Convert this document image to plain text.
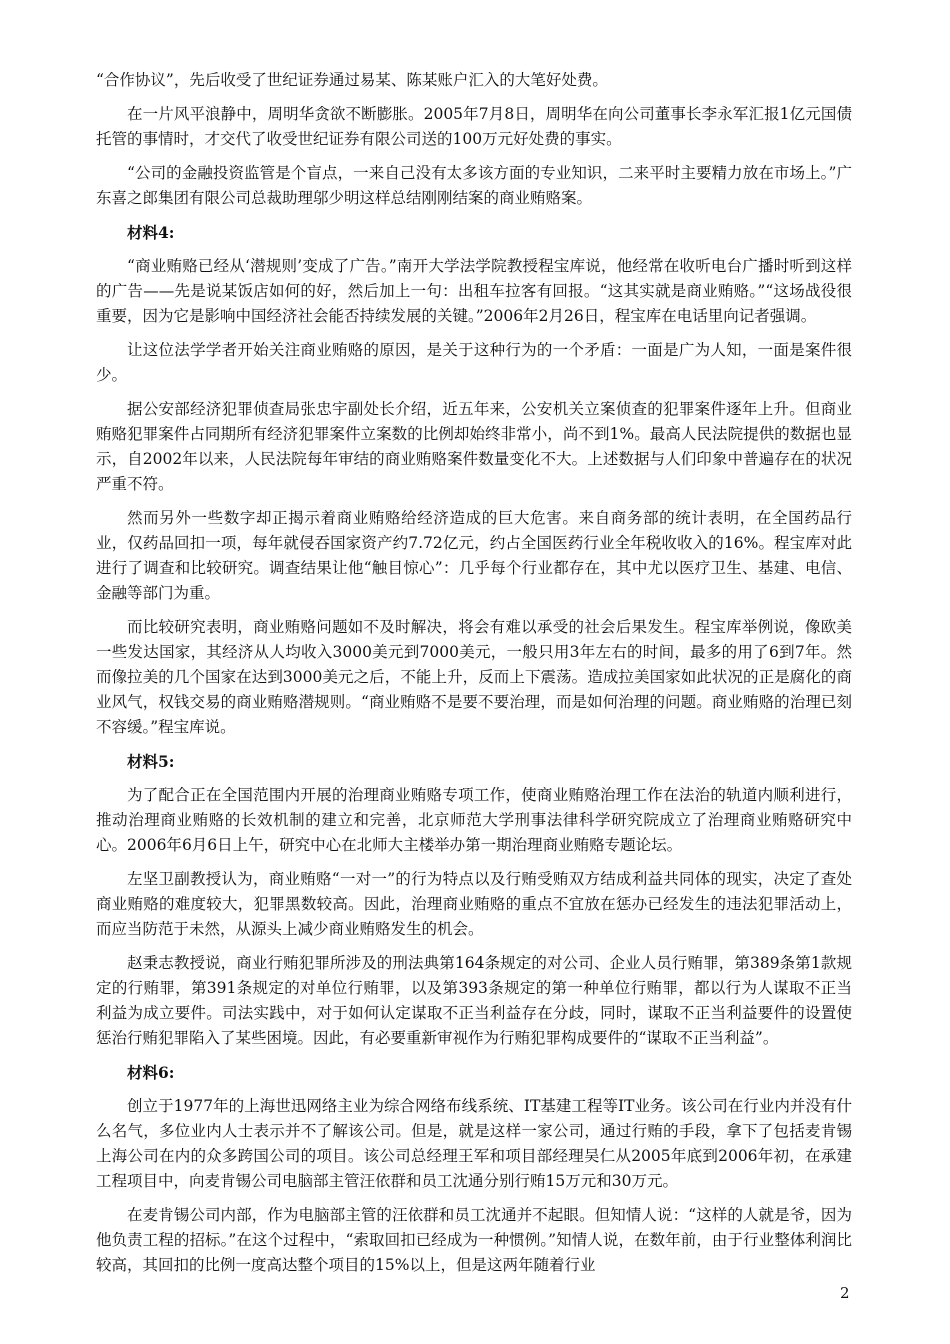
“合作协议”，先后收受了世纪证券通过易某、陈某账户汇入的大笔好处费。

在一片风平浪静中，周明华贪欲不断膨胀。2005年7月8日，周明华在向公司董事长李永军汇报1亿元国债托管的事情时，才交代了收受世纪证券有限公司送的100万元好处费的事实。

“公司的金融投资监管是个盲点，一来自己没有太多该方面的专业知识，二来平时主要精力放在市场上。”广东喜之郎集团有限公司总裁助理邬少明这样总结刚刚结案的商业贿赂案。

材料4:

“商业贿赂已经从‘潜规则’变成了广告。”南开大学法学院教授程宝库说，他经常在收听电台广播时听到这样的广告——先是说某饭店如何的好，然后加上一句：出租车拉客有回报。“这其实就是商业贿赂。”“这场战役很重要，因为它是影响中国经济社会能否持续发展的关键。”2006年2月26日，程宝库在电话里向记者强调。

让这位法学学者开始关注商业贿赂的原因，是关于这种行为的一个矛盾：一面是广为人知，一面是案件很少。

据公安部经济犯罪侦查局张忠宇副处长介绍，近五年来，公安机关立案侦查的犯罪案件逐年上升。但商业贿赂犯罪案件占同期所有经济犯罪案件立案数的比例却始终非常小，尚不到1%。最高人民法院提供的数据也显示，自2002年以来，人民法院每年审结的商业贿赂案件数量变化不大。上述数据与人们印象中普遍存在的状况严重不符。

然而另外一些数字却正揭示着商业贿赂给经济造成的巨大危害。来自商务部的统计表明，在全国药品行业，仅药品回扣一项，每年就侵吞国家资产约7.72亿元，约占全国医药行业全年税收收入的16%。程宝库对此进行了调查和比较研究。调查结果让他“触目惊心”：几乎每个行业都存在，其中尤以医疗卫生、基建、电信、金融等部门为重。

而比较研究表明，商业贿赂问题如不及时解决，将会有难以承受的社会后果发生。程宝库举例说，像欧美一些发达国家，其经济从人均收入3000美元到7000美元，一般只用3年左右的时间，最多的用了6到7年。然而像拉美的几个国家在达到3000美元之后，不能上升，反而上下震荡。造成拉美国家如此状况的正是腐化的商业风气，权钱交易的商业贿赂潜规则。“商业贿赂不是要不要治理，而是如何治理的问题。商业贿赂的治理已刻不容缓。”程宝库说。

材料5:

为了配合正在全国范围内开展的治理商业贿赂专项工作，使商业贿赂治理工作在法治的轨道内顺利进行，推动治理商业贿赂的长效机制的建立和完善，北京师范大学刑事法律科学研究院成立了治理商业贿赂研究中心。2006年6月6日上午，研究中心在北师大主楼举办第一期治理商业贿赂专题论坛。

左坚卫副教授认为，商业贿赂“一对一”的行为特点以及行贿受贿双方结成利益共同体的现实，决定了查处商业贿赂的难度较大，犯罪黑数较高。因此，治理商业贿赂的重点不宜放在惩办已经发生的违法犯罪活动上，而应当防范于未然，从源头上减少商业贿赂发生的机会。

赵秉志教授说，商业行贿犯罪所涉及的刑法典第164条规定的对公司、企业人员行贿罪，第389条第1款规定的行贿罪，第391条规定的对单位行贿罪，以及第393条规定的第一种单位行贿罪，都以行为人谋取不正当利益为成立要件。司法实践中，对于如何认定谋取不正当利益存在分歧，同时，谋取不正当利益要件的设置使惩治行贿犯罪陷入了某些困境。因此，有必要重新审视作为行贿犯罪构成要件的“谋取不正当利益”。

材料6:

创立于1977年的上海世迅网络主业为综合网络布线系统、IT基建工程等IT业务。该公司在行业内并没有什么名气，多位业内人士表示并不了解该公司。但是，就是这样一家公司，通过行贿的手段，拿下了包括麦肯锡上海公司在内的众多跨国公司的项目。该公司总经理王军和项目部经理吴仁从2005年底到2006年初，在承建工程项目中，向麦肯锡公司电脑部主管汪依群和员工沈通分别行贿15万元和30万元。

在麦肯锡公司内部，作为电脑部主管的汪依群和员工沈通并不起眼。但知情人说：“这样的人就是爷，因为他负责工程的招标。”在这个过程中，“索取回扣已经成为一种惯例。”知情人说，在数年前，由于行业整体利润比较高，其回扣的比例一度高达整个项目的15%以上，但是这两年随着行业

2
